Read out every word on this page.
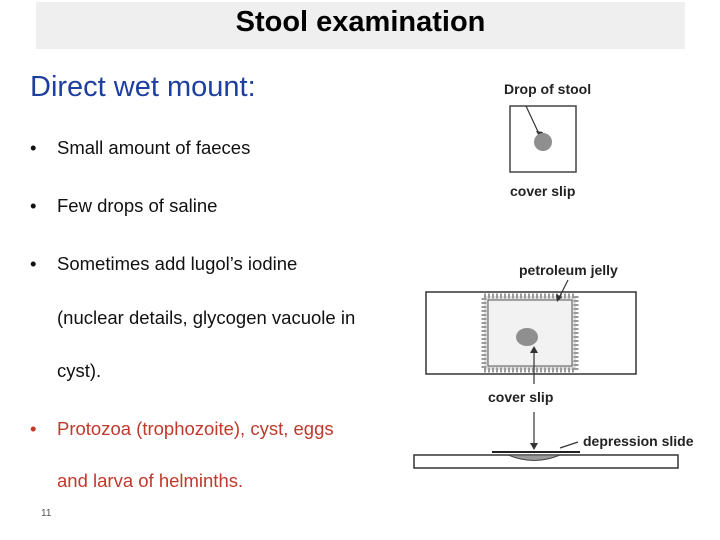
Stool examination
Direct wet mount:
• Small amount of faeces
• Few drops of saline
• Sometimes add lugol’s iodine
(nuclear details, glycogen vacuole in
cyst).
• Protozoa (trophozoite), cyst, eggs
and larva of helminths.
11
Drop of stool
cover slip
petroleum jelly
cover slip
depression slide
